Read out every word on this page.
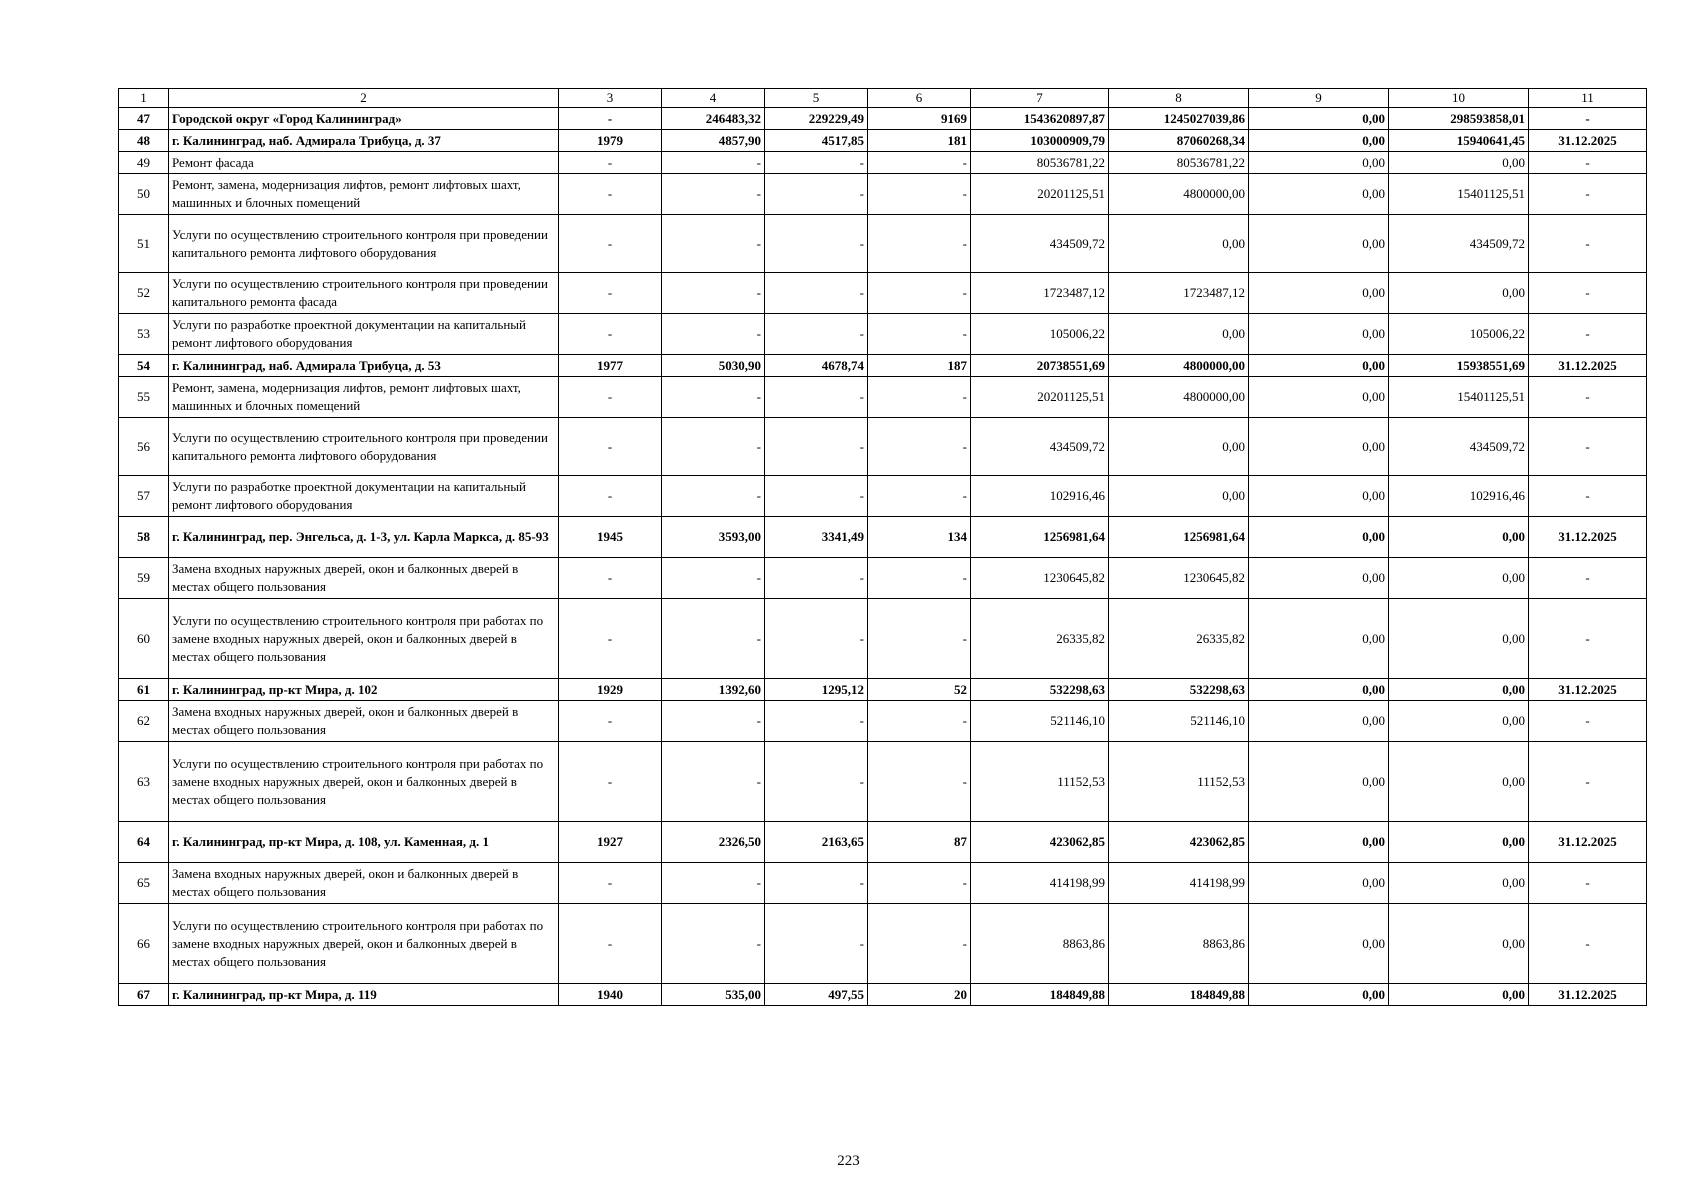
1	2	3	4	5	6	7	8	9	10	11
47	Городской округ «Город Калининград»	-	246483,32	229229,49	9169	1543620897,87	1245027039,86	0,00	298593858,01	-
48	г. Калининград, наб. Адмирала Трибуца, д. 37	1979	4857,90	4517,85	181	103000909,79	87060268,34	0,00	15940641,45	31.12.2025
49	Ремонт фасада	-	-	-	-	80536781,22	80536781,22	0,00	0,00	-
50	Ремонт, замена, модернизация лифтов, ремонт лифтовых шахт, машинных и блочных помещений	-	-	-	-	20201125,51	4800000,00	0,00	15401125,51	-
51	Услуги по осуществлению строительного контроля при проведении капитального ремонта лифтового оборудования	-	-	-	-	434509,72	0,00	0,00	434509,72	-
52	Услуги по осуществлению строительного контроля при проведении капитального ремонта фасада	-	-	-	-	1723487,12	1723487,12	0,00	0,00	-
53	Услуги по разработке проектной документации на капитальный ремонт лифтового оборудования	-	-	-	-	105006,22	0,00	0,00	105006,22	-
54	г. Калининград, наб. Адмирала Трибуца, д. 53	1977	5030,90	4678,74	187	20738551,69	4800000,00	0,00	15938551,69	31.12.2025
55	Ремонт, замена, модернизация лифтов, ремонт лифтовых шахт, машинных и блочных помещений	-	-	-	-	20201125,51	4800000,00	0,00	15401125,51	-
56	Услуги по осуществлению строительного контроля при проведении капитального ремонта лифтового оборудования	-	-	-	-	434509,72	0,00	0,00	434509,72	-
57	Услуги по разработке проектной документации на капитальный ремонт лифтового оборудования	-	-	-	-	102916,46	0,00	0,00	102916,46	-
58	г. Калининград, пер. Энгельса, д. 1-3, ул. Карла Маркса, д. 85-93	1945	3593,00	3341,49	134	1256981,64	1256981,64	0,00	0,00	31.12.2025
59	Замена входных наружных дверей, окон и балконных дверей в местах общего пользования	-	-	-	-	1230645,82	1230645,82	0,00	0,00	-
60	Услуги по осуществлению строительного контроля при работах по замене входных наружных дверей, окон и балконных дверей в местах общего пользования	-	-	-	-	26335,82	26335,82	0,00	0,00	-
61	г. Калининград, пр-кт Мира, д. 102	1929	1392,60	1295,12	52	532298,63	532298,63	0,00	0,00	31.12.2025
62	Замена входных наружных дверей, окон и балконных дверей в местах общего пользования	-	-	-	-	521146,10	521146,10	0,00	0,00	-
63	Услуги по осуществлению строительного контроля при работах по замене входных наружных дверей, окон и балконных дверей в местах общего пользования	-	-	-	-	11152,53	11152,53	0,00	0,00	-
64	г. Калининград, пр-кт Мира, д. 108, ул. Каменная, д. 1	1927	2326,50	2163,65	87	423062,85	423062,85	0,00	0,00	31.12.2025
65	Замена входных наружных дверей, окон и балконных дверей в местах общего пользования	-	-	-	-	414198,99	414198,99	0,00	0,00	-
66	Услуги по осуществлению строительного контроля при работах по замене входных наружных дверей, окон и балконных дверей в местах общего пользования	-	-	-	-	8863,86	8863,86	0,00	0,00	-
67	г. Калининград, пр-кт Мира, д. 119	1940	535,00	497,55	20	184849,88	184849,88	0,00	0,00	31.12.2025
223
